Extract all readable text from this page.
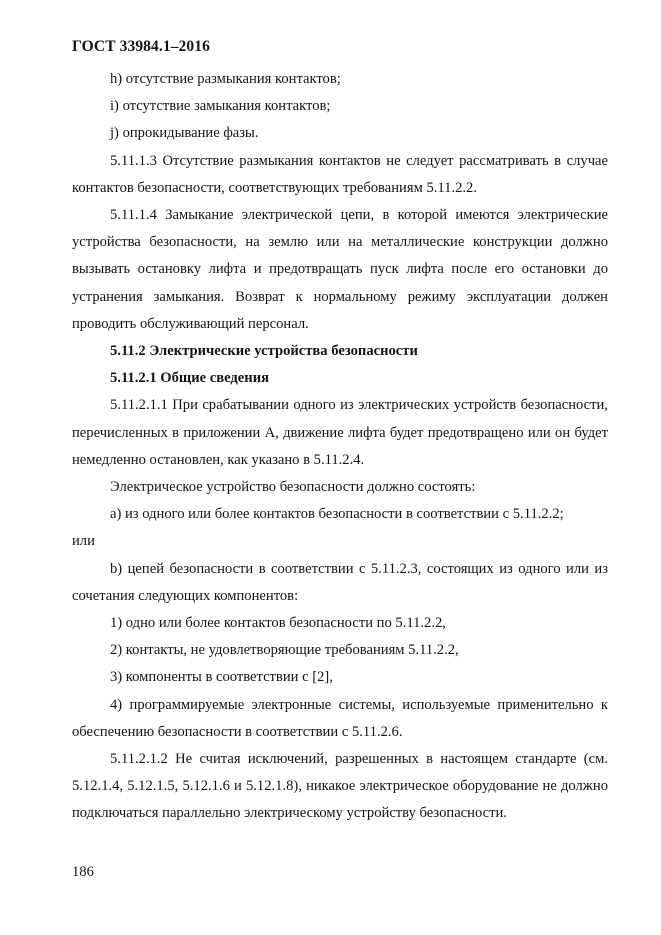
ГОСТ 33984.1–2016

h) отсутствие размыкания контактов;

i) отсутствие замыкания контактов;

j) опрокидывание фазы.

5.11.1.3 Отсутствие размыкания контактов не следует рассматривать в случае контактов безопасности, соответствующих требованиям 5.11.2.2.

5.11.1.4 Замыкание электрической цепи, в которой имеются электрические устройства безопасности, на землю или на металлические конструкции должно вызывать остановку лифта и предотвращать пуск лифта после его остановки до устранения замыкания. Возврат к нормальному режиму эксплуатации должен проводить обслуживающий персонал.

5.11.2 Электрические устройства безопасности

5.11.2.1 Общие сведения

5.11.2.1.1 При срабатывании одного из электрических устройств безопасности, перечисленных в приложении А, движение лифта будет предотвращено или он будет немедленно остановлен, как указано в 5.11.2.4.

Электрическое устройство безопасности должно состоять:

a) из одного или более контактов безопасности в соответствии с 5.11.2.2;

или

b) цепей безопасности в соответствии с 5.11.2.3, состоящих из одного или из сочетания следующих компонентов:

1) одно или более контактов безопасности по 5.11.2.2,

2) контакты, не удовлетворяющие требованиям 5.11.2.2,

3) компоненты в соответствии с [2],

4) программируемые электронные системы, используемые применительно к обеспечению безопасности в соответствии с 5.11.2.6.

5.11.2.1.2 Не считая исключений, разрешенных в настоящем стандарте (см. 5.12.1.4, 5.12.1.5, 5.12.1.6 и 5.12.1.8), никакое электрическое оборудование не должно подключаться параллельно электрическому устройству безопасности.

186
